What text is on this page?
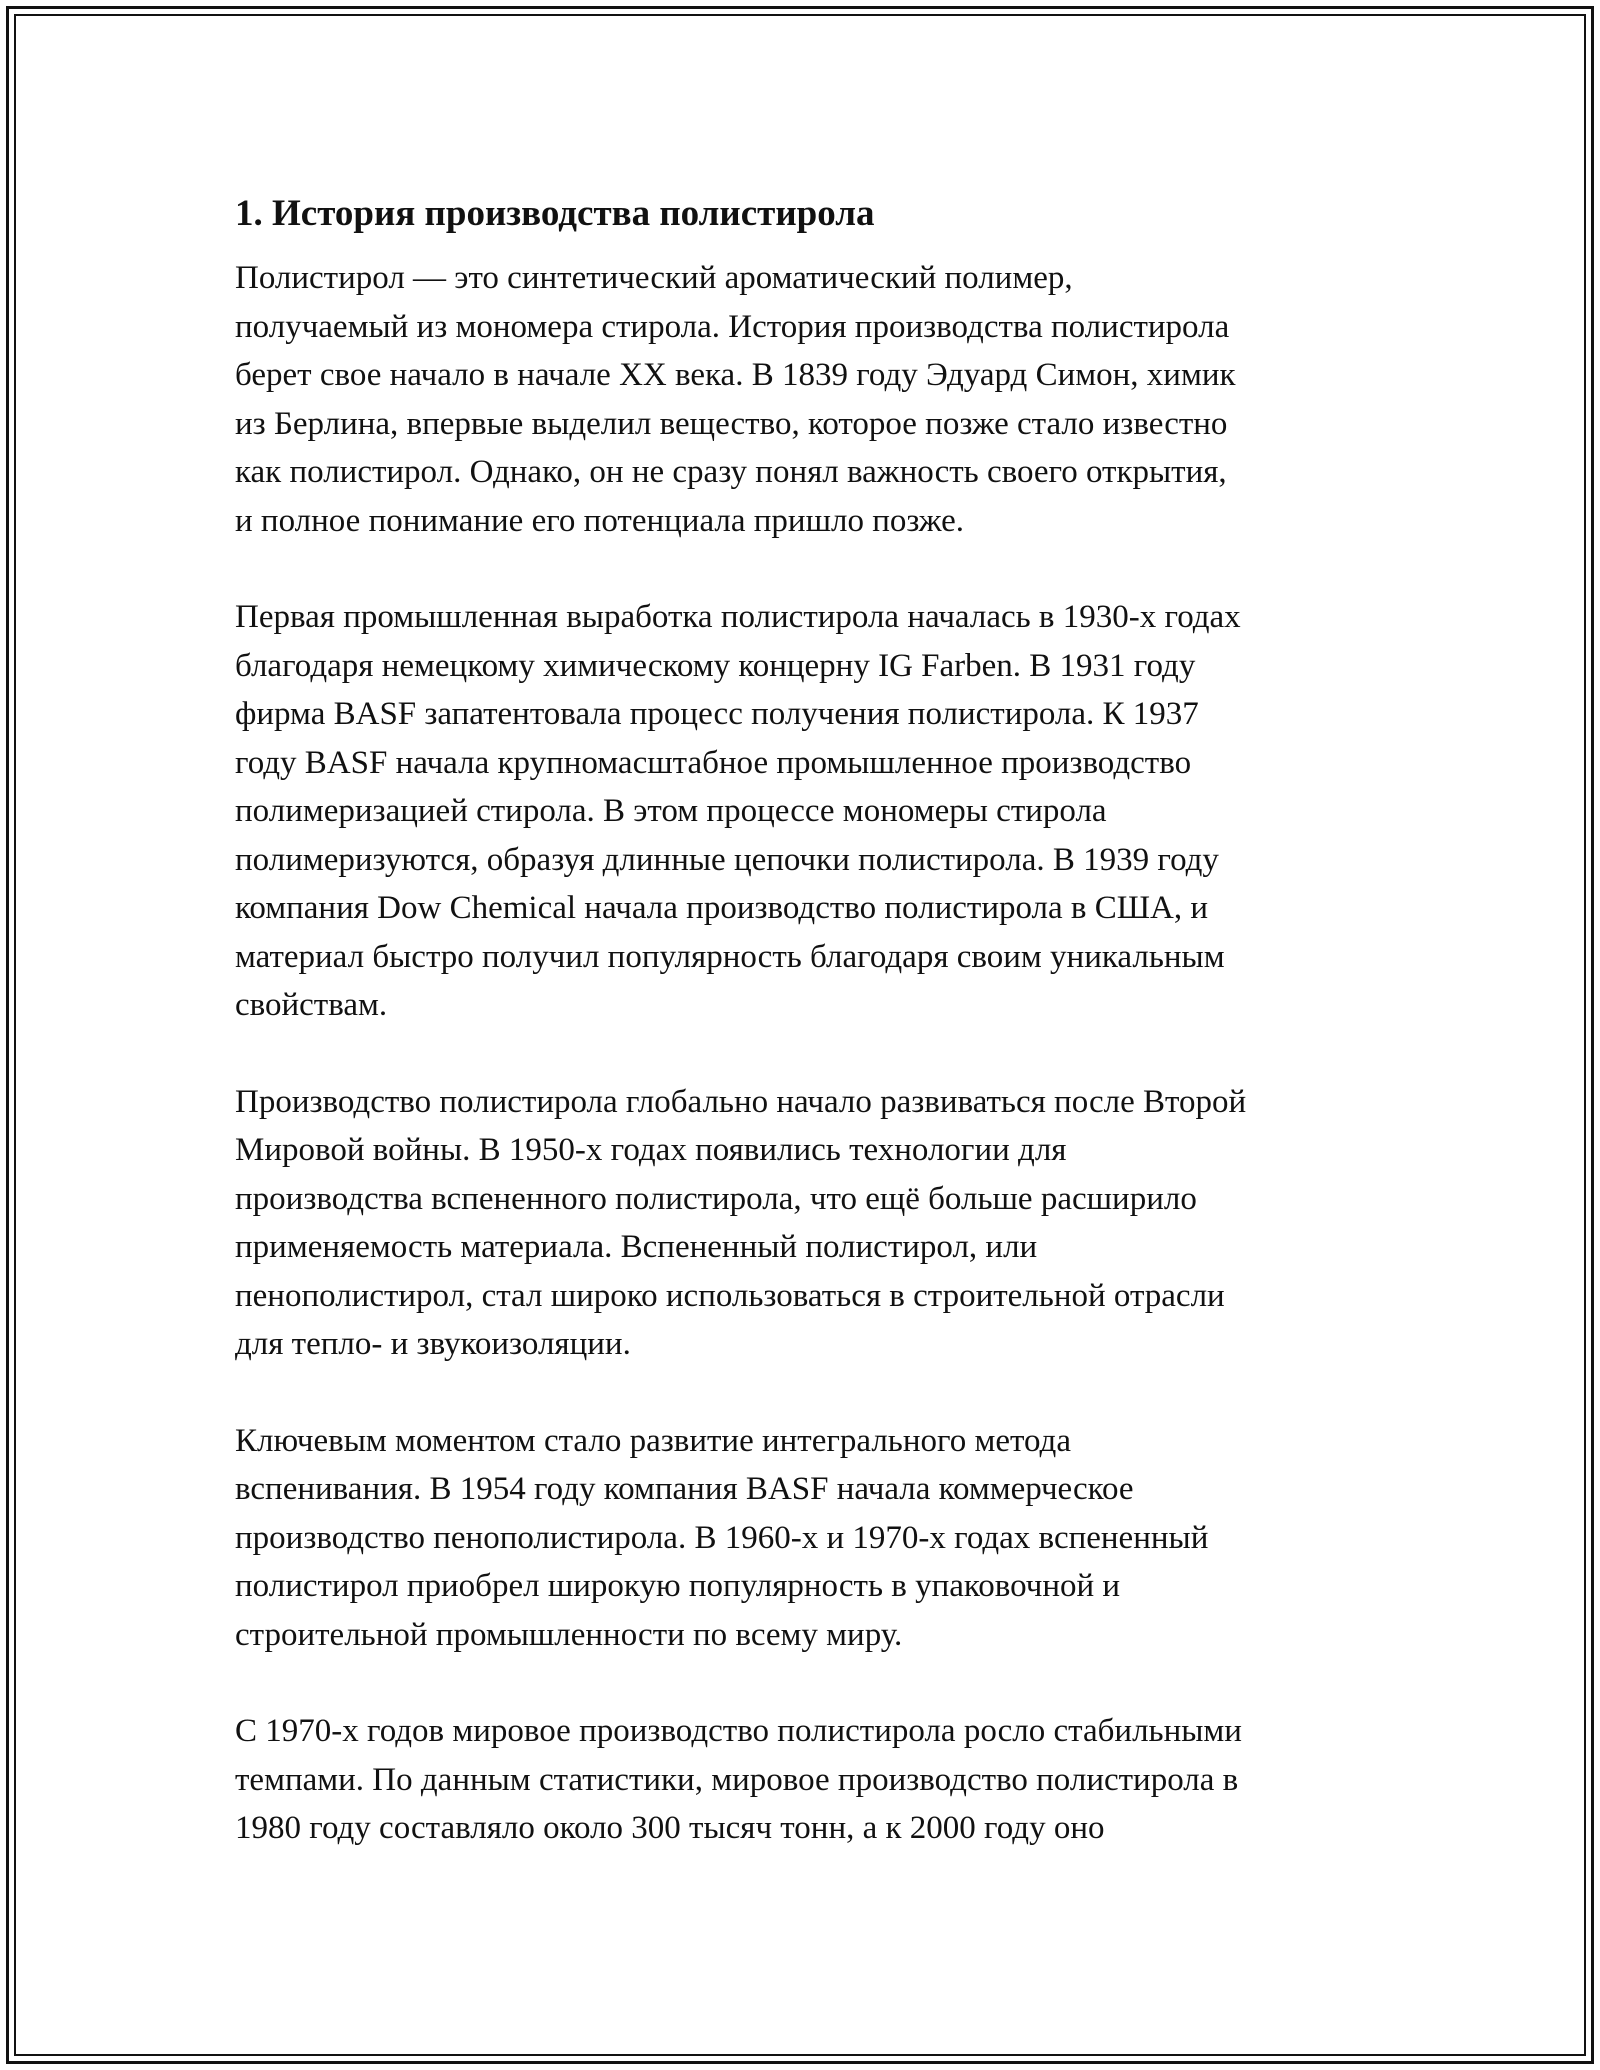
1. История производства полистирола

Полистирол — это синтетический ароматический полимер,
получаемый из мономера стирола. История производства полистирола
берет свое начало в начале XX века. В 1839 году Эдуард Симон, химик
из Берлина, впервые выделил вещество, которое позже стало известно
как полистирол. Однако, он не сразу понял важность своего открытия,
и полное понимание его потенциала пришло позже.

Первая промышленная выработка полистирола началась в 1930-х годах
благодаря немецкому химическому концерну IG Farben. В 1931 году
фирма BASF запатентовала процесс получения полистирола. К 1937
году BASF начала крупномасштабное промышленное производство
полимеризацией стирола. В этом процессе мономеры стирола
полимеризуются, образуя длинные цепочки полистирола. В 1939 году
компания Dow Chemical начала производство полистирола в США, и
материал быстро получил популярность благодаря своим уникальным
свойствам.

Производство полистирола глобально начало развиваться после Второй
Мировой войны. В 1950-х годах появились технологии для
производства вспененного полистирола, что ещё больше расширило
применяемость материала. Вспененный полистирол, или
пенополистирол, стал широко использоваться в строительной отрасли
для тепло- и звукоизоляции.

Ключевым моментом стало развитие интегрального метода
вспенивания. В 1954 году компания BASF начала коммерческое
производство пенополистирола. В 1960-х и 1970-х годах вспененный
полистирол приобрел широкую популярность в упаковочной и
строительной промышленности по всему миру.

С 1970-х годов мировое производство полистирола росло стабильными
темпами. По данным статистики, мировое производство полистирола в
1980 году составляло около 300 тысяч тонн, а к 2000 году оно
